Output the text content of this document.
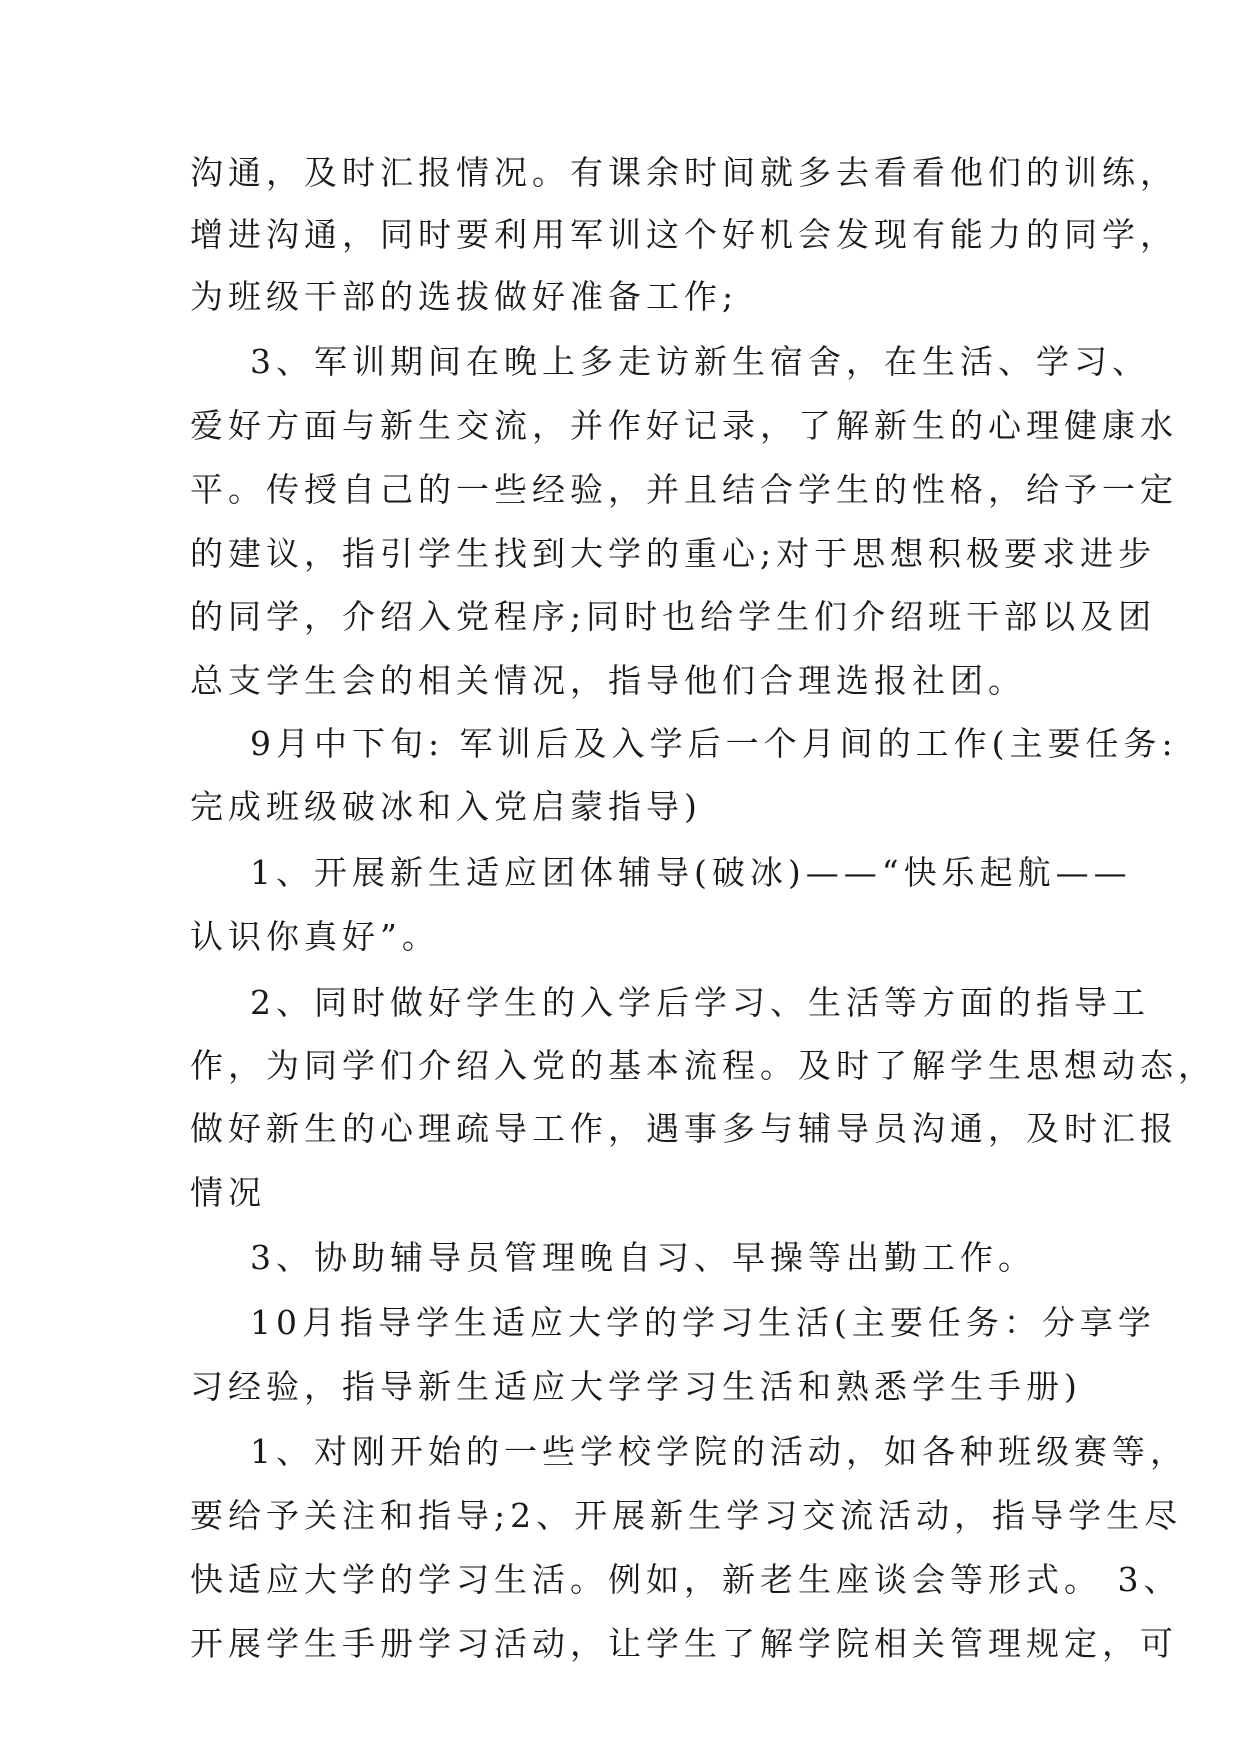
沟通，及时汇报情况。有课余时间就多去看看他们的训练，
增进沟通，同时要利用军训这个好机会发现有能力的同学，
为班级干部的选拔做好准备工作;
3、军训期间在晚上多走访新生宿舍，在生活、学习、
爱好方面与新生交流，并作好记录，了解新生的心理健康水
平。传授自己的一些经验，并且结合学生的性格，给予一定
的建议，指引学生找到大学的重心;对于思想积极要求进步
的同学，介绍入党程序;同时也给学生们介绍班干部以及团
总支学生会的相关情况，指导他们合理选报社团。
9月中下旬: 军训后及入学后一个月间的工作(主要任务:
完成班级破冰和入党启蒙指导)
1、开展新生适应团体辅导(破冰)——“快乐起航——
认识你真好”。
2、同时做好学生的入学后学习、生活等方面的指导工
作，为同学们介绍入党的基本流程。及时了解学生思想动态，
做好新生的心理疏导工作，遇事多与辅导员沟通，及时汇报
情况
3、协助辅导员管理晚自习、早操等出勤工作。
10月指导学生适应大学的学习生活(主要任务：分享学
习经验，指导新生适应大学学习生活和熟悉学生手册)
1、对刚开始的一些学校学院的活动，如各种班级赛等，
要给予关注和指导;2、开展新生学习交流活动，指导学生尽
快适应大学的学习生活。例如，新老生座谈会等形式。 3、
开展学生手册学习活动，让学生了解学院相关管理规定，可
